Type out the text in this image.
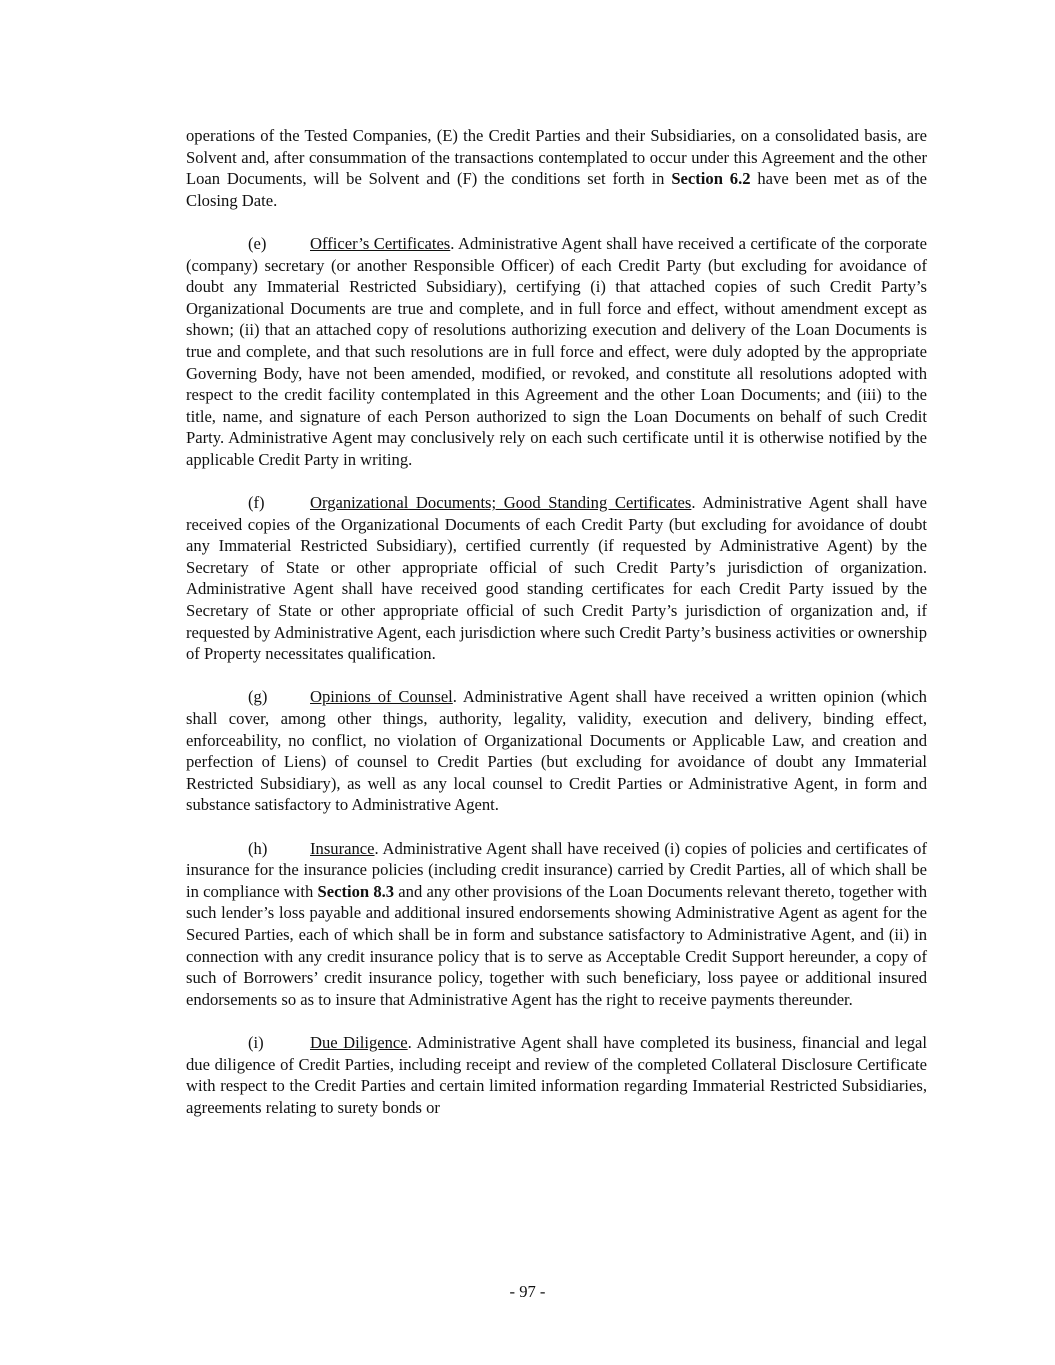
operations of the Tested Companies, (E) the Credit Parties and their Subsidiaries, on a consolidated basis, are Solvent and, after consummation of the transactions contemplated to occur under this Agreement and the other Loan Documents, will be Solvent and (F) the conditions set forth in Section 6.2 have been met as of the Closing Date.

(e)	Officer’s Certificates. Administrative Agent shall have received a certificate of the corporate (company) secretary (or another Responsible Officer) of each Credit Party (but excluding for avoidance of doubt any Immaterial Restricted Subsidiary), certifying (i) that attached copies of such Credit Party’s Organizational Documents are true and complete, and in full force and effect, without amendment except as shown; (ii) that an attached copy of resolutions authorizing execution and delivery of the Loan Documents is true and complete, and that such resolutions are in full force and effect, were duly adopted by the appropriate Governing Body, have not been amended, modified, or revoked, and constitute all resolutions adopted with respect to the credit facility contemplated in this Agreement and the other Loan Documents; and (iii) to the title, name, and signature of each Person authorized to sign the Loan Documents on behalf of such Credit Party. Administrative Agent may conclusively rely on each such certificate until it is otherwise notified by the applicable Credit Party in writing.

(f)	Organizational Documents; Good Standing Certificates. Administrative Agent shall have received copies of the Organizational Documents of each Credit Party (but excluding for avoidance of doubt any Immaterial Restricted Subsidiary), certified currently (if requested by Administrative Agent) by the Secretary of State or other appropriate official of such Credit Party’s jurisdiction of organization. Administrative Agent shall have received good standing certificates for each Credit Party issued by the Secretary of State or other appropriate official of such Credit Party’s jurisdiction of organization and, if requested by Administrative Agent, each jurisdiction where such Credit Party’s business activities or ownership of Property necessitates qualification.

(g)	Opinions of Counsel. Administrative Agent shall have received a written opinion (which shall cover, among other things, authority, legality, validity, execution and delivery, binding effect, enforceability, no conflict, no violation of Organizational Documents or Applicable Law, and creation and perfection of Liens) of counsel to Credit Parties (but excluding for avoidance of doubt any Immaterial Restricted Subsidiary), as well as any local counsel to Credit Parties or Administrative Agent, in form and substance satisfactory to Administrative Agent.

(h)	Insurance. Administrative Agent shall have received (i) copies of policies and certificates of insurance for the insurance policies (including credit insurance) carried by Credit Parties, all of which shall be in compliance with Section 8.3 and any other provisions of the Loan Documents relevant thereto, together with such lender’s loss payable and additional insured endorsements showing Administrative Agent as agent for the Secured Parties, each of which shall be in form and substance satisfactory to Administrative Agent, and (ii) in connection with any credit insurance policy that is to serve as Acceptable Credit Support hereunder, a copy of such of Borrowers’ credit insurance policy, together with such beneficiary, loss payee or additional insured endorsements so as to insure that Administrative Agent has the right to receive payments thereunder.

(i)	Due Diligence. Administrative Agent shall have completed its business, financial and legal due diligence of Credit Parties, including receipt and review of the completed Collateral Disclosure Certificate with respect to the Credit Parties and certain limited information regarding Immaterial Restricted Subsidiaries, agreements relating to surety bonds or

- 97 -
